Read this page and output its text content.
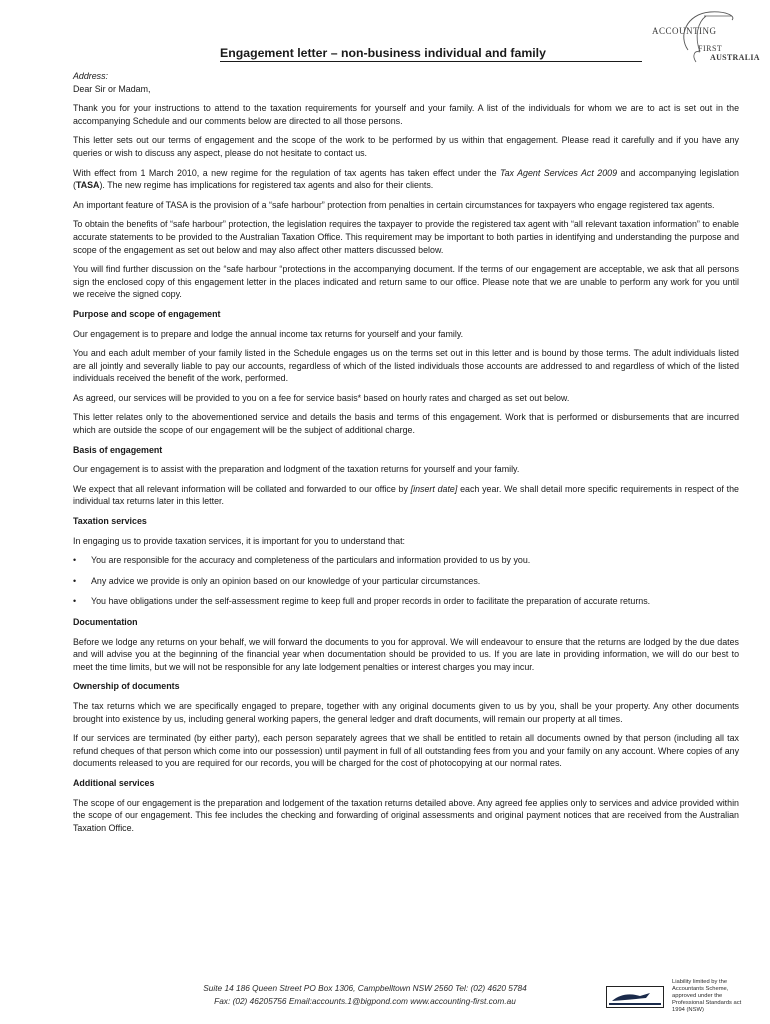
ACCOUNTING
FIRST
AUSTRALIA
Engagement letter – non-business individual and family

Address:

Dear Sir or Madam,

Thank you for your instructions to attend to the taxation requirements for yourself and your family. A list of the individuals for whom we are to act is set out in the accompanying Schedule and our comments below are directed to all those persons.

This letter sets out our terms of engagement and the scope of the work to be performed by us within that engagement. Please read it carefully and if you have any queries or wish to discuss any aspect, please do not hesitate to contact us.

With effect from 1 March 2010, a new regime for the regulation of tax agents has taken effect under the Tax Agent Services Act 2009 and accompanying legislation (TASA). The new regime has implications for registered tax agents and also for their clients.

An important feature of TASA is the provision of a “safe harbour” protection from penalties in certain circumstances for taxpayers who engage registered tax agents.

To obtain the benefits of “safe harbour” protection, the legislation requires the taxpayer to provide the registered tax agent with “all relevant taxation information” to enable accurate statements to be provided to the Australian Taxation Office. This requirement may be important to both parties in identifying and understanding the purpose and scope of the engagement as set out below and may also affect other matters discussed below.

You will find further discussion on the “safe harbour “protections in the accompanying document. If the terms of our engagement are acceptable, we ask that all persons sign the enclosed copy of this engagement letter in the places indicated and return same to our office. Please note that we are unable to perform any work for you until we receive the signed copy.

Purpose and scope of engagement

Our engagement is to prepare and lodge the annual income tax returns for yourself and your family.

You and each adult member of your family listed in the Schedule engages us on the terms set out in this letter and is bound by those terms. The adult individuals listed are all jointly and severally liable to pay our accounts, regardless of which of the listed individuals those accounts are addressed to and regardless of which of the listed individuals received the benefit of the work, performed.

As agreed, our services will be provided to you on a fee for service basis* based on hourly rates and charged as set out below.

This letter relates only to the abovementioned service and details the basis and terms of this engagement. Work that is performed or disbursements that are incurred which are outside the scope of our engagement will be the subject of additional charge.

Basis of engagement

Our engagement is to assist with the preparation and lodgment of the taxation returns for yourself and your family.

We expect that all relevant information will be collated and forwarded to our office by [insert date] each year. We shall detail more specific requirements in respect of the individual tax returns later in this letter.

Taxation services

In engaging us to provide taxation services, it is important for you to understand that:

• You are responsible for the accuracy and completeness of the particulars and information provided to us by you.
• Any advice we provide is only an opinion based on our knowledge of your particular circumstances.
• You have obligations under the self-assessment regime to keep full and proper records in order to facilitate the preparation of accurate returns.

Documentation

Before we lodge any returns on your behalf, we will forward the documents to you for approval. We will endeavour to ensure that the returns are lodged by the due dates and will advise you at the beginning of the financial year when documentation should be provided to us. If you are late in providing information, we will do our best to meet the time limits, but we will not be responsible for any late lodgement penalties or interest charges you may incur.

Ownership of documents

The tax returns which we are specifically engaged to prepare, together with any original documents given to us by you, shall be your property. Any other documents brought into existence by us, including general working papers, the general ledger and draft documents, will remain our property at all times.

If our services are terminated (by either party), each person separately agrees that we shall be entitled to retain all documents owned by that person (including all tax refund cheques of that person which come into our possession) until payment in full of all outstanding fees from you and your family on any account. Where copies of any documents released to you are required for our records, you will be charged for the cost of photocopying at our normal rates.

Additional services

The scope of our engagement is the preparation and lodgement of the taxation returns detailed above. Any agreed fee applies only to services and advice provided within the scope of our engagement. This fee includes the checking and forwarding of original assessments and original payment notices that are received from the Australian Taxation Office.

Suite 14 186 Queen Street PO Box 1306, Campbelltown NSW 2560 Tel: (02) 4620 5784
Fax: (02) 46205756 Email:accounts.1@bigpond.com www.accounting-first.com.au
Liability limited by the
Accountants Scheme,
approved under the
Professional Standards act
1994 (NSW)
